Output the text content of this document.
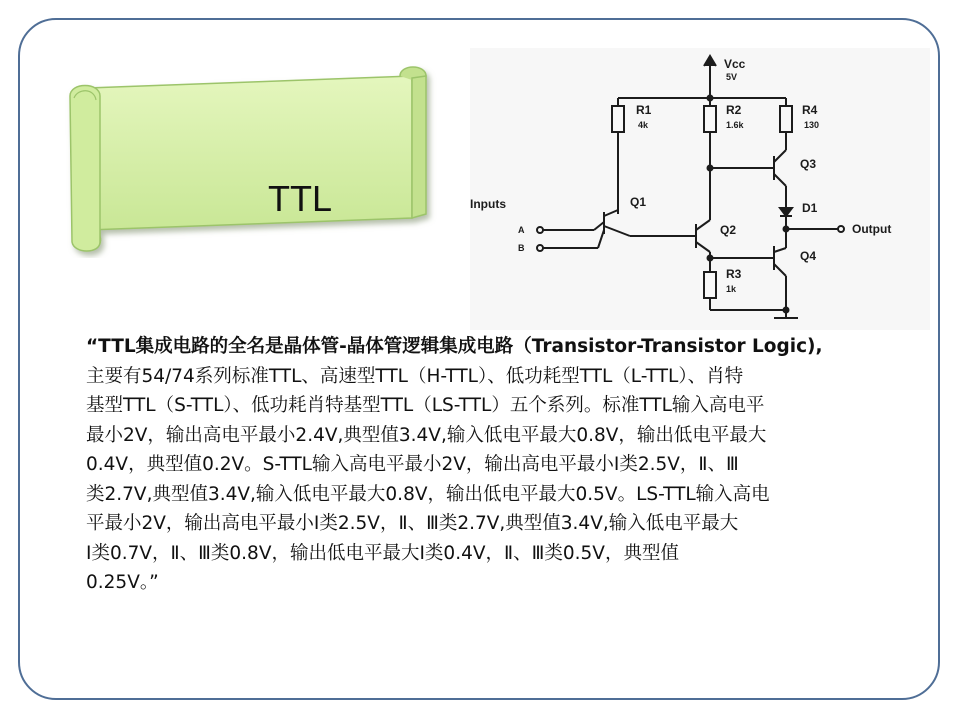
TTL
Vcc
5V
R1
4k
R2
1.6k
R4
130
Q3
D1
Q1
Inputs
A
B
Q2	Output
R3
1k
Q4
“TTL集成电路的全名是晶体管-晶体管逻辑集成电路（Transistor-Transistor Logic),
主要有54/74系列标准TTL、高速型TTL（H-TTL）、低功耗型TTL（L-TTL）、肖特
基型TTL（S-TTL）、低功耗肖特基型TTL（LS-TTL）五个系列。标准TTL输入高电平
最小2V，输出高电平最小2.4V,典型值3.4V,输入低电平最大0.8V，输出低电平最大
0.4V，典型值0.2V。S-TTL输入高电平最小2V，输出高电平最小Ⅰ类2.5V，Ⅱ、Ⅲ
类2.7V,典型值3.4V,输入低电平最大0.8V，输出低电平最大0.5V。LS-TTL输入高电
平最小2V，输出高电平最小Ⅰ类2.5V，Ⅱ、Ⅲ类2.7V,典型值3.4V,输入低电平最大
Ⅰ类0.7V，Ⅱ、Ⅲ类0.8V，输出低电平最大Ⅰ类0.4V，Ⅱ、Ⅲ类0.5V，典型值
0.25V。”
